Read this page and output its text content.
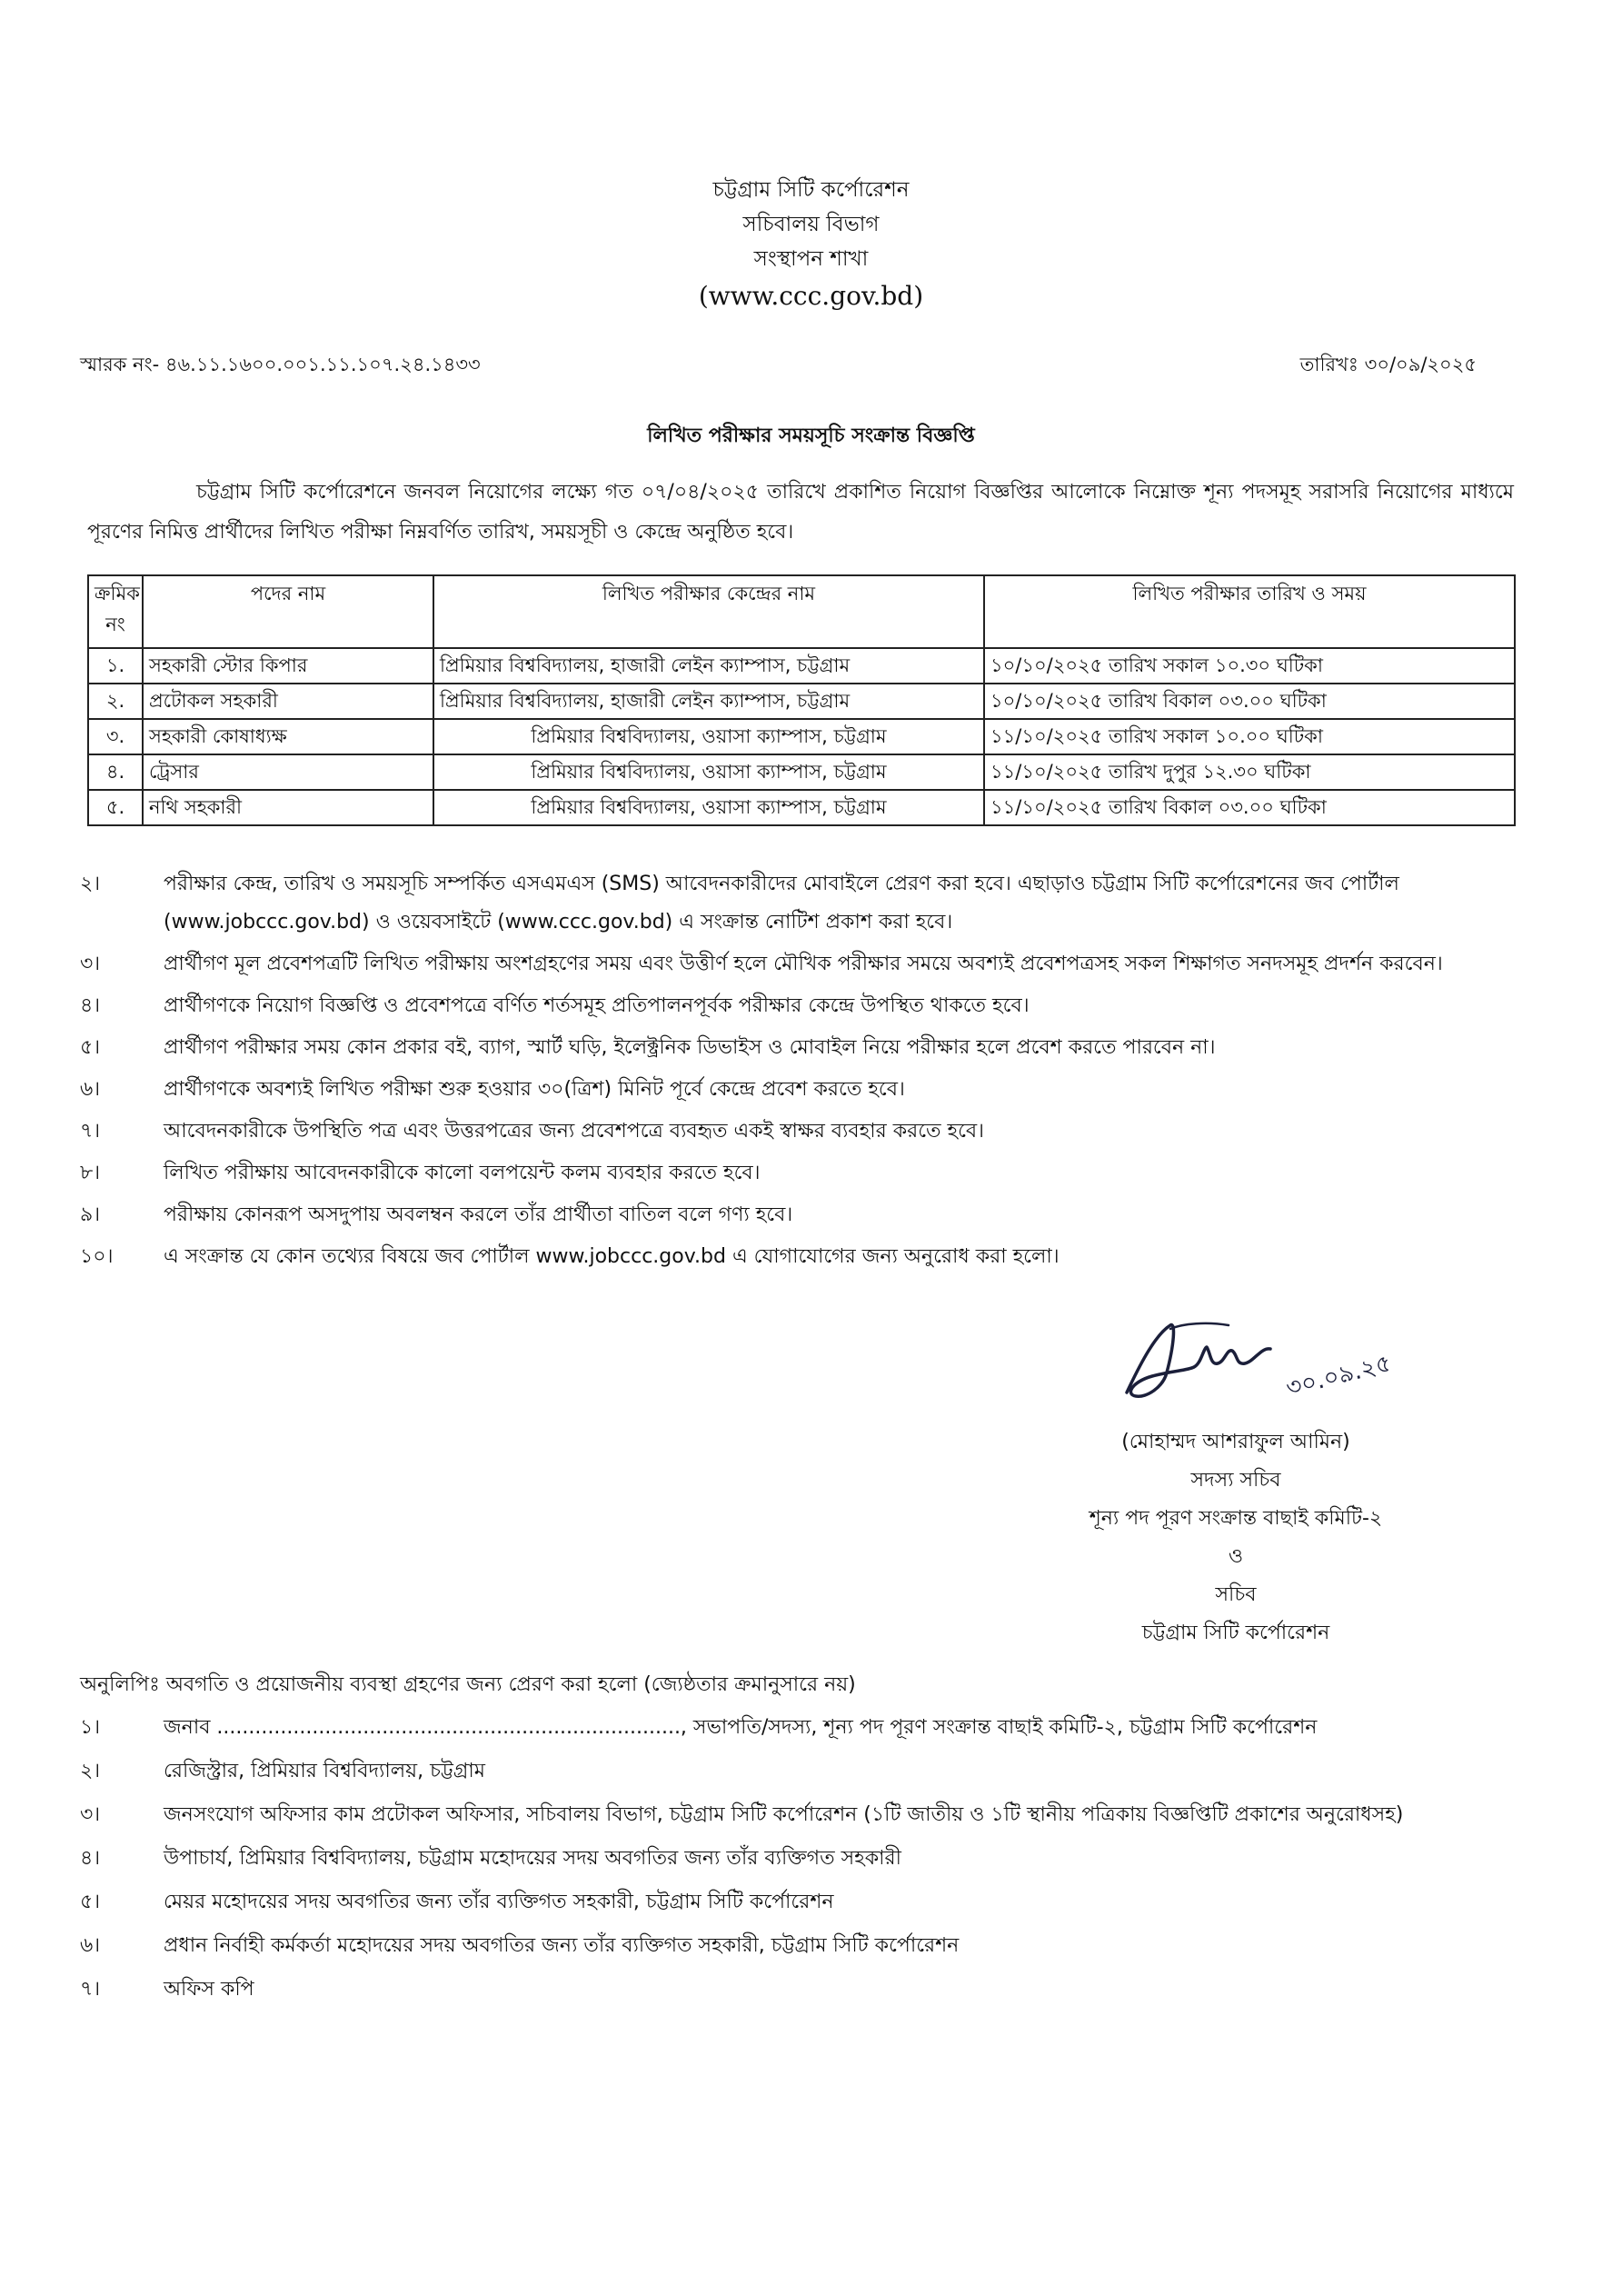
চট্টগ্রাম সিটি কর্পোরেশন
সচিবালয় বিভাগ
সংস্থাপন শাখা
(www.ccc.gov.bd)
স্মারক নং- ৪৬.১১.১৬০০.০০১.১১.১০৭.২৪.১৪৩৩	তারিখঃ ৩০/০৯/২০২৫
লিখিত পরীক্ষার সময়সূচি সংক্রান্ত বিজ্ঞপ্তি
চট্টগ্রাম সিটি কর্পোরেশনে জনবল নিয়োগের লক্ষ্যে গত ০৭/০৪/২০২৫ তারিখে প্রকাশিত নিয়োগ বিজ্ঞপ্তির আলোকে নিম্নোক্ত শূন্য পদসমূহ সরাসরি নিয়োগের মাধ্যমে পূরণের নিমিত্ত প্রার্থীদের লিখিত পরীক্ষা নিম্নবর্ণিত তারিখ, সময়সূচী ও কেন্দ্রে অনুষ্ঠিত হবে।
ক্রমিক নং	পদের নাম	লিখিত পরীক্ষার কেন্দ্রের নাম	লিখিত পরীক্ষার তারিখ ও সময়
১.	সহকারী স্টোর কিপার	প্রিমিয়ার বিশ্ববিদ্যালয়, হাজারী লেইন ক্যাম্পাস, চট্টগ্রাম	১০/১০/২০২৫ তারিখ সকাল ১০.৩০ ঘটিকা
২.	প্রটোকল সহকারী	প্রিমিয়ার বিশ্ববিদ্যালয়, হাজারী লেইন ক্যাম্পাস, চট্টগ্রাম	১০/১০/২০২৫ তারিখ বিকাল ০৩.০০ ঘটিকা
৩.	সহকারী কোষাধ্যক্ষ	প্রিমিয়ার বিশ্ববিদ্যালয়, ওয়াসা ক্যাম্পাস, চট্টগ্রাম	১১/১০/২০২৫ তারিখ সকাল ১০.০০ ঘটিকা
৪.	ট্রেসার	প্রিমিয়ার বিশ্ববিদ্যালয়, ওয়াসা ক্যাম্পাস, চট্টগ্রাম	১১/১০/২০২৫ তারিখ দুপুর ১২.৩০ ঘটিকা
৫.	নথি সহকারী	প্রিমিয়ার বিশ্ববিদ্যালয়, ওয়াসা ক্যাম্পাস, চট্টগ্রাম	১১/১০/২০২৫ তারিখ বিকাল ০৩.০০ ঘটিকা
২।	পরীক্ষার কেন্দ্র, তারিখ ও সময়সূচি সম্পর্কিত এসএমএস (SMS) আবেদনকারীদের মোবাইলে প্রেরণ করা হবে। এছাড়াও চট্টগ্রাম সিটি কর্পোরেশনের জব পোর্টাল (www.jobccc.gov.bd) ও ওয়েবসাইটে (www.ccc.gov.bd) এ সংক্রান্ত নোটিশ প্রকাশ করা হবে।
৩।	প্রার্থীগণ মূল প্রবেশপত্রটি লিখিত পরীক্ষায় অংশগ্রহণের সময় এবং উত্তীর্ণ হলে মৌখিক পরীক্ষার সময়ে অবশ্যই প্রবেশপত্রসহ সকল শিক্ষাগত সনদসমূহ প্রদর্শন করবেন।
৪।	প্রার্থীগণকে নিয়োগ বিজ্ঞপ্তি ও প্রবেশপত্রে বর্ণিত শর্তসমূহ প্রতিপালনপূর্বক পরীক্ষার কেন্দ্রে উপস্থিত থাকতে হবে।
৫।	প্রার্থীগণ পরীক্ষার সময় কোন প্রকার বই, ব্যাগ, স্মার্ট ঘড়ি, ইলেক্ট্রনিক ডিভাইস ও মোবাইল নিয়ে পরীক্ষার হলে প্রবেশ করতে পারবেন না।
৬।	প্রার্থীগণকে অবশ্যই লিখিত পরীক্ষা শুরু হওয়ার ৩০(ত্রিশ) মিনিট পূর্বে কেন্দ্রে প্রবেশ করতে হবে।
৭।	আবেদনকারীকে উপস্থিতি পত্র এবং উত্তরপত্রের জন্য প্রবেশপত্রে ব্যবহৃত একই স্বাক্ষর ব্যবহার করতে হবে।
৮।	লিখিত পরীক্ষায় আবেদনকারীকে কালো বলপয়েন্ট কলম ব্যবহার করতে হবে।
৯।	পরীক্ষায় কোনরূপ অসদুপায় অবলম্বন করলে তাঁর প্রার্থীতা বাতিল বলে গণ্য হবে।
১০।	এ সংক্রান্ত যে কোন তথ্যের বিষয়ে জব পোর্টাল www.jobccc.gov.bd এ যোগাযোগের জন্য অনুরোধ করা হলো।
৩০.০৯.২৫
(মোহাম্মদ আশরাফুল আমিন)
সদস্য সচিব
শূন্য পদ পূরণ সংক্রান্ত বাছাই কমিটি-২
ও
সচিব
চট্টগ্রাম সিটি কর্পোরেশন
অনুলিপিঃ অবগতি ও প্রয়োজনীয় ব্যবস্থা গ্রহণের জন্য প্রেরণ করা হলো (জ্যেষ্ঠতার ক্রমানুসারে নয়)
১।	জনাব ........................................................................., সভাপতি/সদস্য, শূন্য পদ পূরণ সংক্রান্ত বাছাই কমিটি-২, চট্টগ্রাম সিটি কর্পোরেশন
২।	রেজিস্ট্রার, প্রিমিয়ার বিশ্ববিদ্যালয়, চট্টগ্রাম
৩।	জনসংযোগ অফিসার কাম প্রটোকল অফিসার, সচিবালয় বিভাগ, চট্টগ্রাম সিটি কর্পোরেশন (১টি জাতীয় ও ১টি স্থানীয় পত্রিকায় বিজ্ঞপ্তিটি প্রকাশের অনুরোধসহ)
৪।	উপাচার্য, প্রিমিয়ার বিশ্ববিদ্যালয়, চট্টগ্রাম মহোদয়ের সদয় অবগতির জন্য তাঁর ব্যক্তিগত সহকারী
৫।	মেয়র মহোদয়ের সদয় অবগতির জন্য তাঁর ব্যক্তিগত সহকারী, চট্টগ্রাম সিটি কর্পোরেশন
৬।	প্রধান নির্বাহী কর্মকর্তা মহোদয়ের সদয় অবগতির জন্য তাঁর ব্যক্তিগত সহকারী, চট্টগ্রাম সিটি কর্পোরেশন
৭।	অফিস কপি
